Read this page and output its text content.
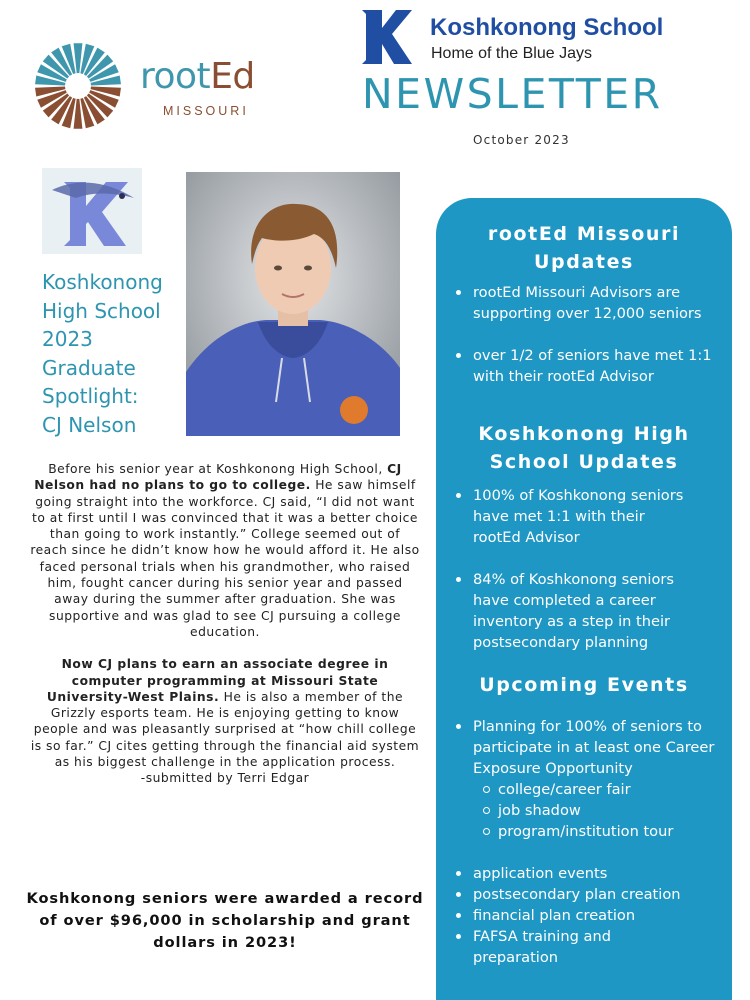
rootEd
MISSOURI
Koshkonong School
Home of the Blue Jays
NEWSLETTER
October 2023
Koshkonong
High School
2023
Graduate
Spotlight:
CJ Nelson

Before his senior year at Koshkonong High School, CJ Nelson had no plans to go to college. He saw himself going straight into the workforce. CJ said, “I did not want to at first until I was convinced that it was a better choice than going to work instantly.” College seemed out of reach since he didn’t know how he would afford it. He also faced personal trials when his grandmother, who raised him, fought cancer during his senior year and passed away during the summer after graduation. She was supportive and was glad to see CJ pursuing a college education.

Now CJ plans to earn an associate degree in computer programming at Missouri State University-West Plains. He is also a member of the Grizzly esports team. He is enjoying getting to know people and was pleasantly surprised at “how chill college is so far.” CJ cites getting through the financial aid system as his biggest challenge in the application process.

-submitted by Terri Edgar

Koshkonong seniors were awarded a record of over $96,000 in scholarship and grant dollars in 2023!
rootEd Missouri
Updates
rootEd Missouri Advisors are supporting over 12,000 seniors
over 1/2 of seniors have met 1:1 with their rootEd Advisor
Koshkonong High
School Updates
100% of Koshkonong seniors have met 1:1 with their rootEd Advisor
84% of Koshkonong seniors have completed a career inventory as a step in their postsecondary planning
Upcoming Events
Planning for 100% of seniors to participate in at least one Career Exposure Opportunity
college/career fair
job shadow
program/institution tour
application events
postsecondary plan creation
financial plan creation
FAFSA training and preparation
